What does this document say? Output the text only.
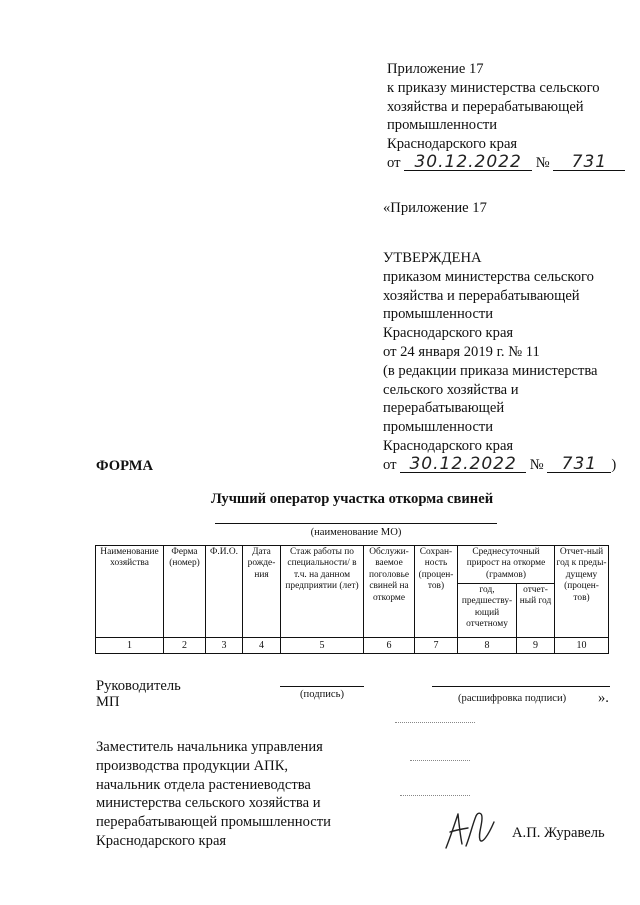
Приложение 17
к приказу министерства сельского
хозяйства и перерабатывающей
промышленности
Краснодарского края
от 30.12.2022 № 731
«Приложение 17
УТВЕРЖДЕНА
приказом министерства сельского
хозяйства и перерабатывающей
промышленности
Краснодарского края
от 24 января 2019 г. № 11
(в редакции приказа министерства
сельского хозяйства и
перерабатывающей
промышленности
Краснодарского края
от 30.12.2022 № 731 )
ФОРМА
Лучший оператор участка откорма свиней
(наименование МО)
Наименование хозяйства	Ферма (номер)	Ф.И.О.	Дата рожде-ния	Стаж работы по специальности/ в т.ч. на данном предприятии (лет)	Обслужи-ваемое поголовье свиней на откорме	Сохран-ность (процен-тов)	Среднесуточный прирост на откорме (граммов)		Отчет-ный год к преды-дущему (процен-тов)
							год, предшеству-ющий отчетному	отчет-ный год	
1	2	3	4	5	6	7	8	9	10
Руководитель
МП	(подпись)	(расшифровка подписи) ».
Заместитель начальника управления
производства продукции АПК,
начальник отдела растениеводства
министерства сельского хозяйства и
перерабатывающей промышленности
Краснодарского края	А.П. Журавель
